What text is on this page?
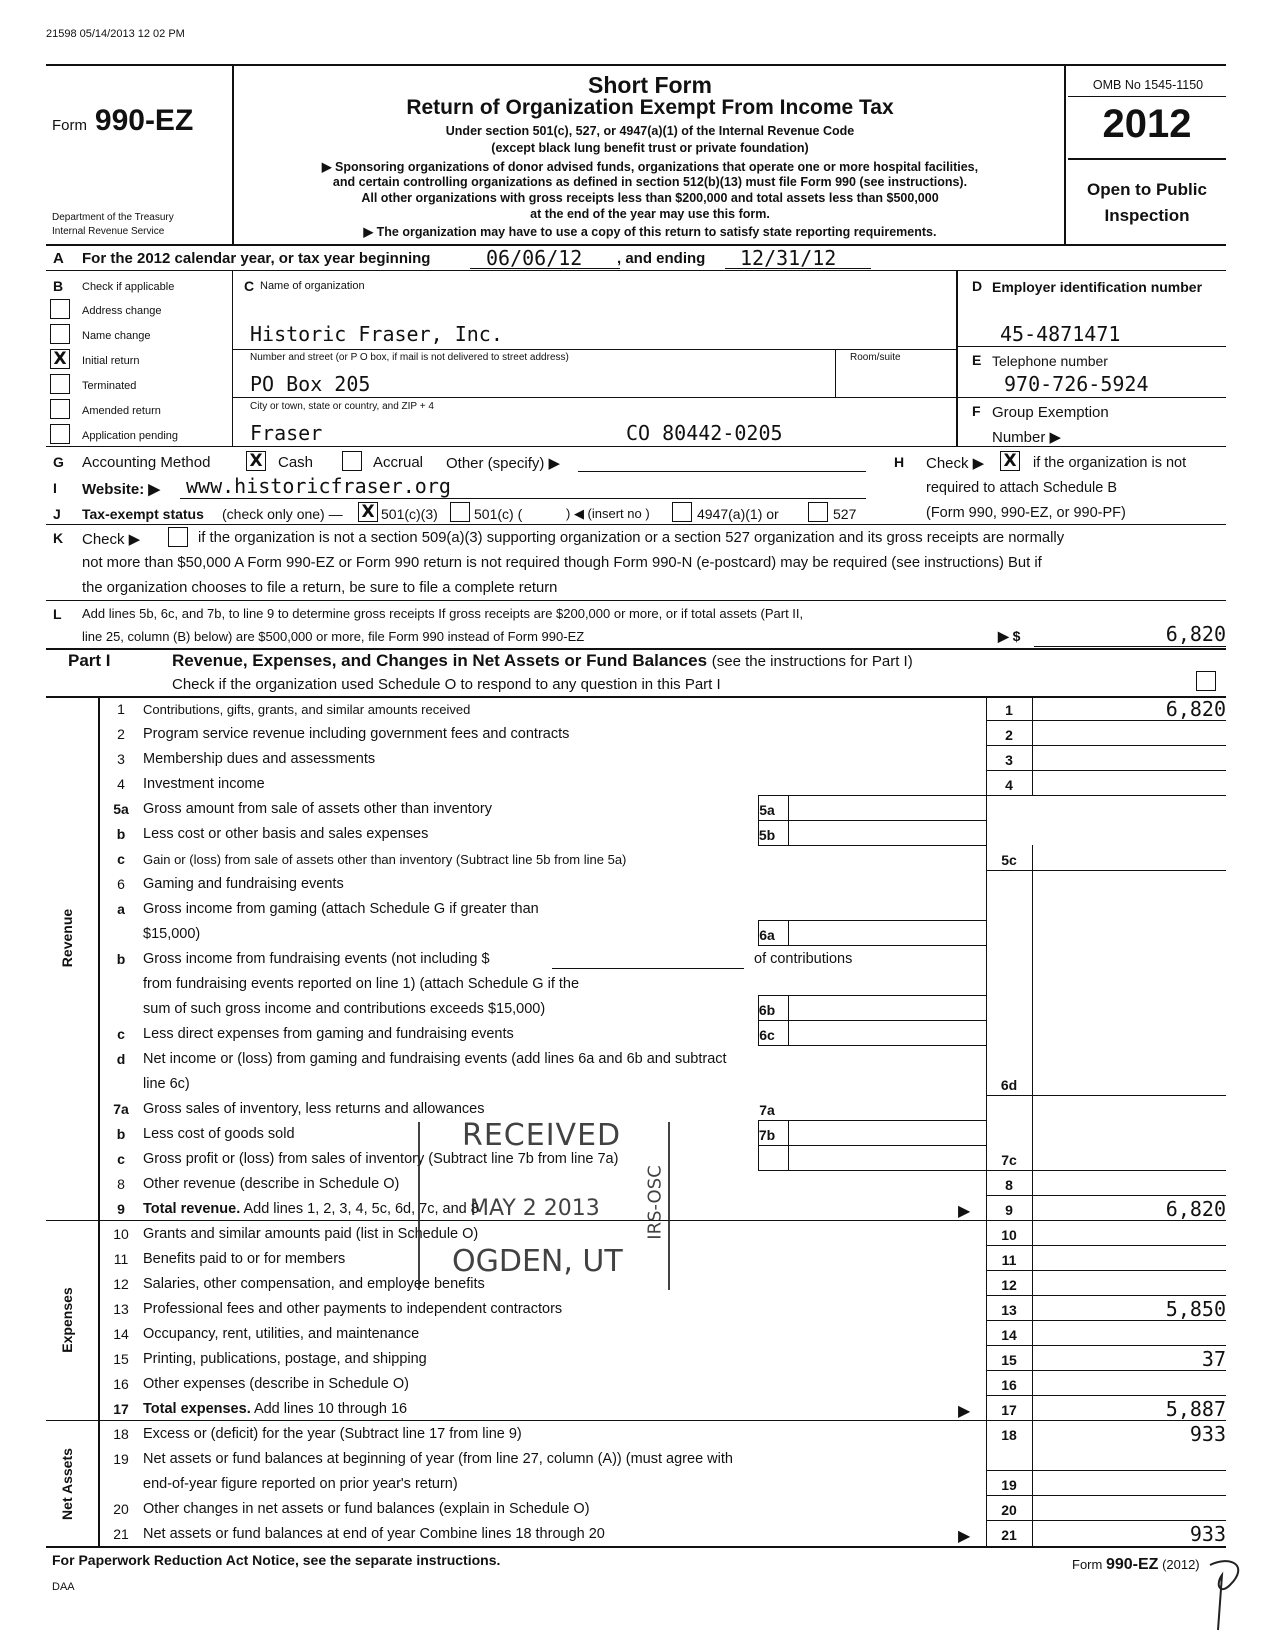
21598 05/14/2013 12 02 PM
Form 990-EZ
Department of the Treasury
Internal Revenue Service
Short Form
Return of Organization Exempt From Income Tax
Under section 501(c), 527, or 4947(a)(1) of the Internal Revenue Code
(except black lung benefit trust or private foundation)
▶ Sponsoring organizations of donor advised funds, organizations that operate one or more hospital facilities,
and certain controlling organizations as defined in section 512(b)(13) must file Form 990 (see instructions).
All other organizations with gross receipts less than $200,000 and total assets less than $500,000
at the end of the year may use this form.
▶ The organization may have to use a copy of this return to satisfy state reporting requirements.
OMB No 1545-1150
2012
Open to Public
Inspection
A For the 2012 calendar year, or tax year beginning	06/06/12 , and ending 12/31/12
B Check if applicable
Address change
Name change
X	Initial return
Terminated
Amended return
Application pending
C Name of organization
Historic Fraser, Inc.
Number and street (or P O box, if mail is not delivered to street address)	Room/suite
PO Box 205
City or town, state or country, and ZIP + 4
Fraser	CO 80442-0205
D Employer identification number
45-4871471
E Telephone number
970-726-5924
F Group Exemption
Number ▶
G Accounting Method X Cash	Accrual Other (specify) ▶	H Check ▶ X if the organization is not
required to attach Schedule B
(Form 990, 990-EZ, or 990-PF)
I Website: ▶ www.historicfraser.org
J Tax-exempt status (check only one) — X 501(c)(3)	501(c) (	) ◀ (insert no )	4947(a)(1) or	527
K Check ▶	if the organization is not a section 509(a)(3) supporting organization or a section 527 organization and its gross receipts are normally
not more than $50,000 A Form 990-EZ or Form 990 return is not required though Form 990-N (e-postcard) may be required (see instructions) But if
the organization chooses to file a return, be sure to file a complete return
L Add lines 5b, 6c, and 7b, to line 9 to determine gross receipts If gross receipts are $200,000 or more, or if total assets (Part II,
line 25, column (B) below) are $500,000 or more, file Form 990 instead of Form 990-EZ	▶ $	6,820
Part I	Revenue, Expenses, and Changes in Net Assets or Fund Balances (see the instructions for Part I)
Check if the organization used Schedule O to respond to any question in this Part I
Revenue
Expenses
Net Assets
1	Contributions, gifts, grants, and similar amounts received	1	6,820
2	Program service revenue including government fees and contracts	2
3	Membership dues and assessments	3
4	Investment income	4
5a Gross amount from sale of assets other than inventory	5a
b	Less cost or other basis and sales expenses	5b
c	Gain or (loss) from sale of assets other than inventory (Subtract line 5b from line 5a)	5c
6	Gaming and fundraising events
a	Gross income from gaming (attach Schedule G if greater than
$15,000)	6a
b	Gross income from fundraising events (not including $	of contributions
from fundraising events reported on line 1) (attach Schedule G if the
sum of such gross income and contributions exceeds $15,000)	6b
c	Less direct expenses from gaming and fundraising events	6c
d	Net income or (loss) from gaming and fundraising events (add lines 6a and 6b and subtract
line 6c)	6d
7a Gross sales of inventory, less returns and allowances	7a
b	Less cost of goods sold	7b
c	Gross profit or (loss) from sales of inventory (Subtract line 7b from line 7a)	7c
8	Other revenue (describe in Schedule O)	8
9	Total revenue. Add lines 1, 2, 3, 4, 5c, 6d, 7c, and 8	▶	9	6,820
10 Grants and similar amounts paid (list in Schedule O)	10
11	Benefits paid to or for members	11
12 Salaries, other compensation, and employee benefits	12
13 Professional fees and other payments to independent contractors	13	5,850
14 Occupancy, rent, utilities, and maintenance	14
15 Printing, publications, postage, and shipping	15	37
16 Other expenses (describe in Schedule O)	16
17 Total expenses. Add lines 10 through 16	▶	17	5,887
18 Excess or (deficit) for the year (Subtract line 17 from line 9)	18	933
19 Net assets or fund balances at beginning of year (from line 27, column (A)) (must agree with
end-of-year figure reported on prior year's return)	19
20 Other changes in net assets or fund balances (explain in Schedule O)	20
21 Net assets or fund balances at end of year Combine lines 18 through 20	▶	21	933
RECEIVED
MAY 2 2013
OGDEN, UT
IRS-OSC
For Paperwork Reduction Act Notice, see the separate instructions.	Form 990-EZ (2012)
DAA
